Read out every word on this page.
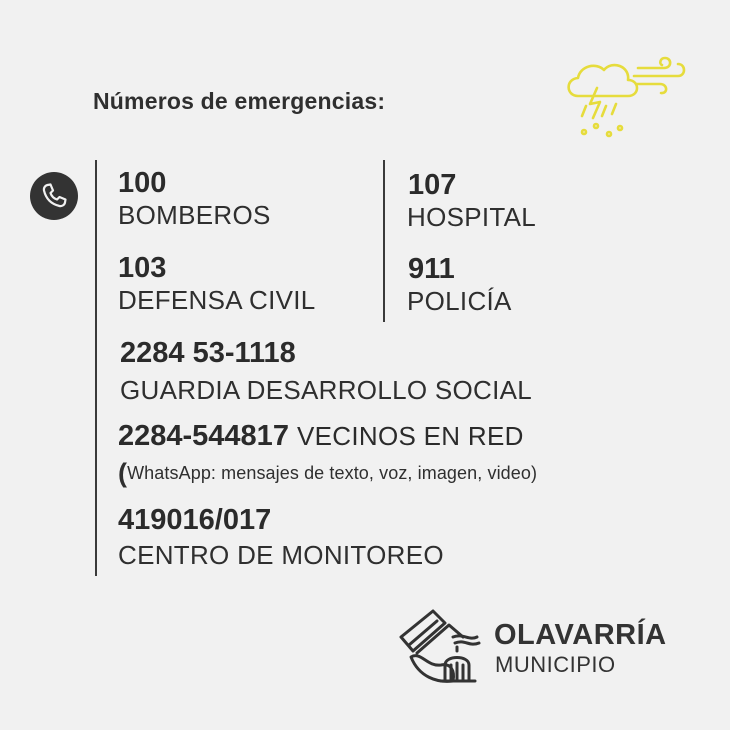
Números de emergencias:
100
BOMBEROS
107
HOSPITAL
103
DEFENSA CIVIL
911
POLICÍA
2284 53-1118
GUARDIA DESARROLLO SOCIAL
2284-544817 VECINOS EN RED
(WhatsApp: mensajes de texto, voz, imagen, video)
419016/017
CENTRO DE MONITOREO
OLAVARRÍA
MUNICIPIO
